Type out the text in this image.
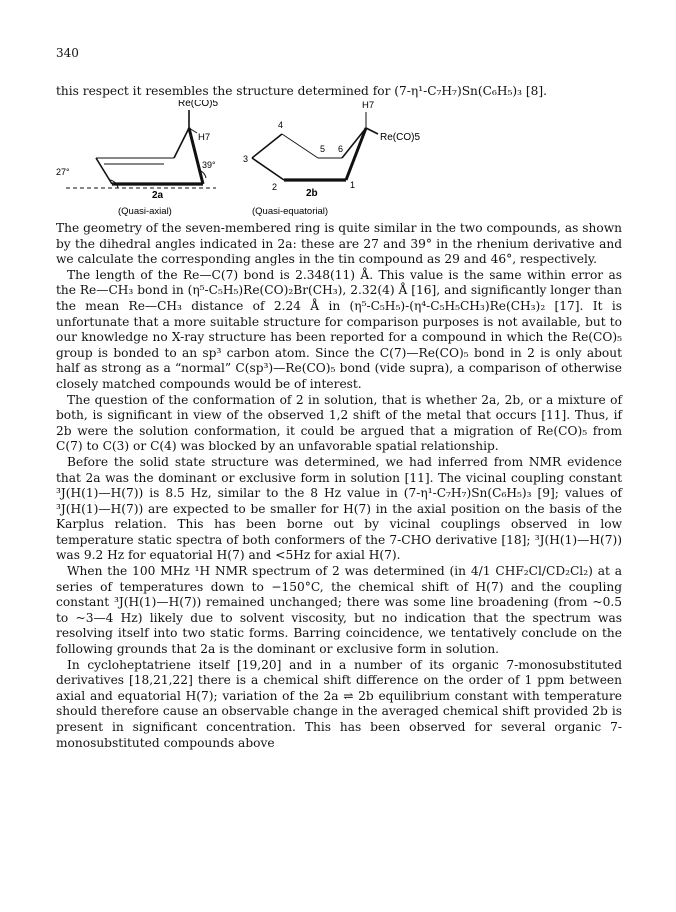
340

this respect it resembles the structure determined for (7-η¹-C₇H₇)Sn(C₆H₅)₃ [8].

Re(CO)5
H7
27°
39°
2a
(Quasi-axial)
H7
Re(CO)5
1
2
3
4
5 6
2b
(Quasi-equatorial)

The geometry of the seven-membered ring is quite similar in the two compounds, as shown by the dihedral angles indicated in 2a: these are 27 and 39° in the rhenium derivative and we calculate the corresponding angles in the tin compound as 29 and 46°, respectively.

The length of the Re—C(7) bond is 2.348(11) Å. This value is the same within error as the Re—CH₃ bond in (η⁵-C₅H₅)Re(CO)₂Br(CH₃), 2.32(4) Å [16], and significantly longer than the mean Re—CH₃ distance of 2.24 Å in (η⁵-C₅H₅)-(η⁴-C₅H₅CH₃)Re(CH₃)₂ [17]. It is unfortunate that a more suitable structure for comparison purposes is not available, but to our knowledge no X-ray structure has been reported for a compound in which the Re(CO)₅ group is bonded to an sp³ carbon atom. Since the C(7)—Re(CO)₅ bond in 2 is only about half as strong as a “normal” C(sp³)—Re(CO)₅ bond (vide supra), a comparison of otherwise closely matched compounds would be of interest.

The question of the conformation of 2 in solution, that is whether 2a, 2b, or a mixture of both, is significant in view of the observed 1,2 shift of the metal that occurs [11]. Thus, if 2b were the solution conformation, it could be argued that a migration of Re(CO)₅ from C(7) to C(3) or C(4) was blocked by an unfavorable spatial relationship.

Before the solid state structure was determined, we had inferred from NMR evidence that 2a was the dominant or exclusive form in solution [11]. The vicinal coupling constant ³J(H(1)—H(7)) is 8.5 Hz, similar to the 8 Hz value in (7-η¹-C₇H₇)Sn(C₆H₅)₃ [9]; values of ³J(H(1)—H(7)) are expected to be smaller for H(7) in the axial position on the basis of the Karplus relation. This has been borne out by vicinal couplings observed in low temperature static spectra of both conformers of the 7-CHO derivative [18]; ³J(H(1)—H(7)) was 9.2 Hz for equatorial H(7) and <5Hz for axial H(7).

When the 100 MHz ¹H NMR spectrum of 2 was determined (in 4/1 CHF₂Cl/CD₂Cl₂) at a series of temperatures down to −150°C, the chemical shift of H(7) and the coupling constant ³J(H(1)—H(7)) remained unchanged; there was some line broadening (from ~0.5 to ~3—4 Hz) likely due to solvent viscosity, but no indication that the spectrum was resolving itself into two static forms. Barring coincidence, we tentatively conclude on the following grounds that 2a is the dominant or exclusive form in solution.

In cycloheptatriene itself [19,20] and in a number of its organic 7-monosubstituted derivatives [18,21,22] there is a chemical shift difference on the order of 1 ppm between axial and equatorial H(7); variation of the 2a ⇌ 2b equilibrium constant with temperature should therefore cause an observable change in the averaged chemical shift provided 2b is present in significant concentration. This has been observed for several organic 7-monosubstituted compounds above
